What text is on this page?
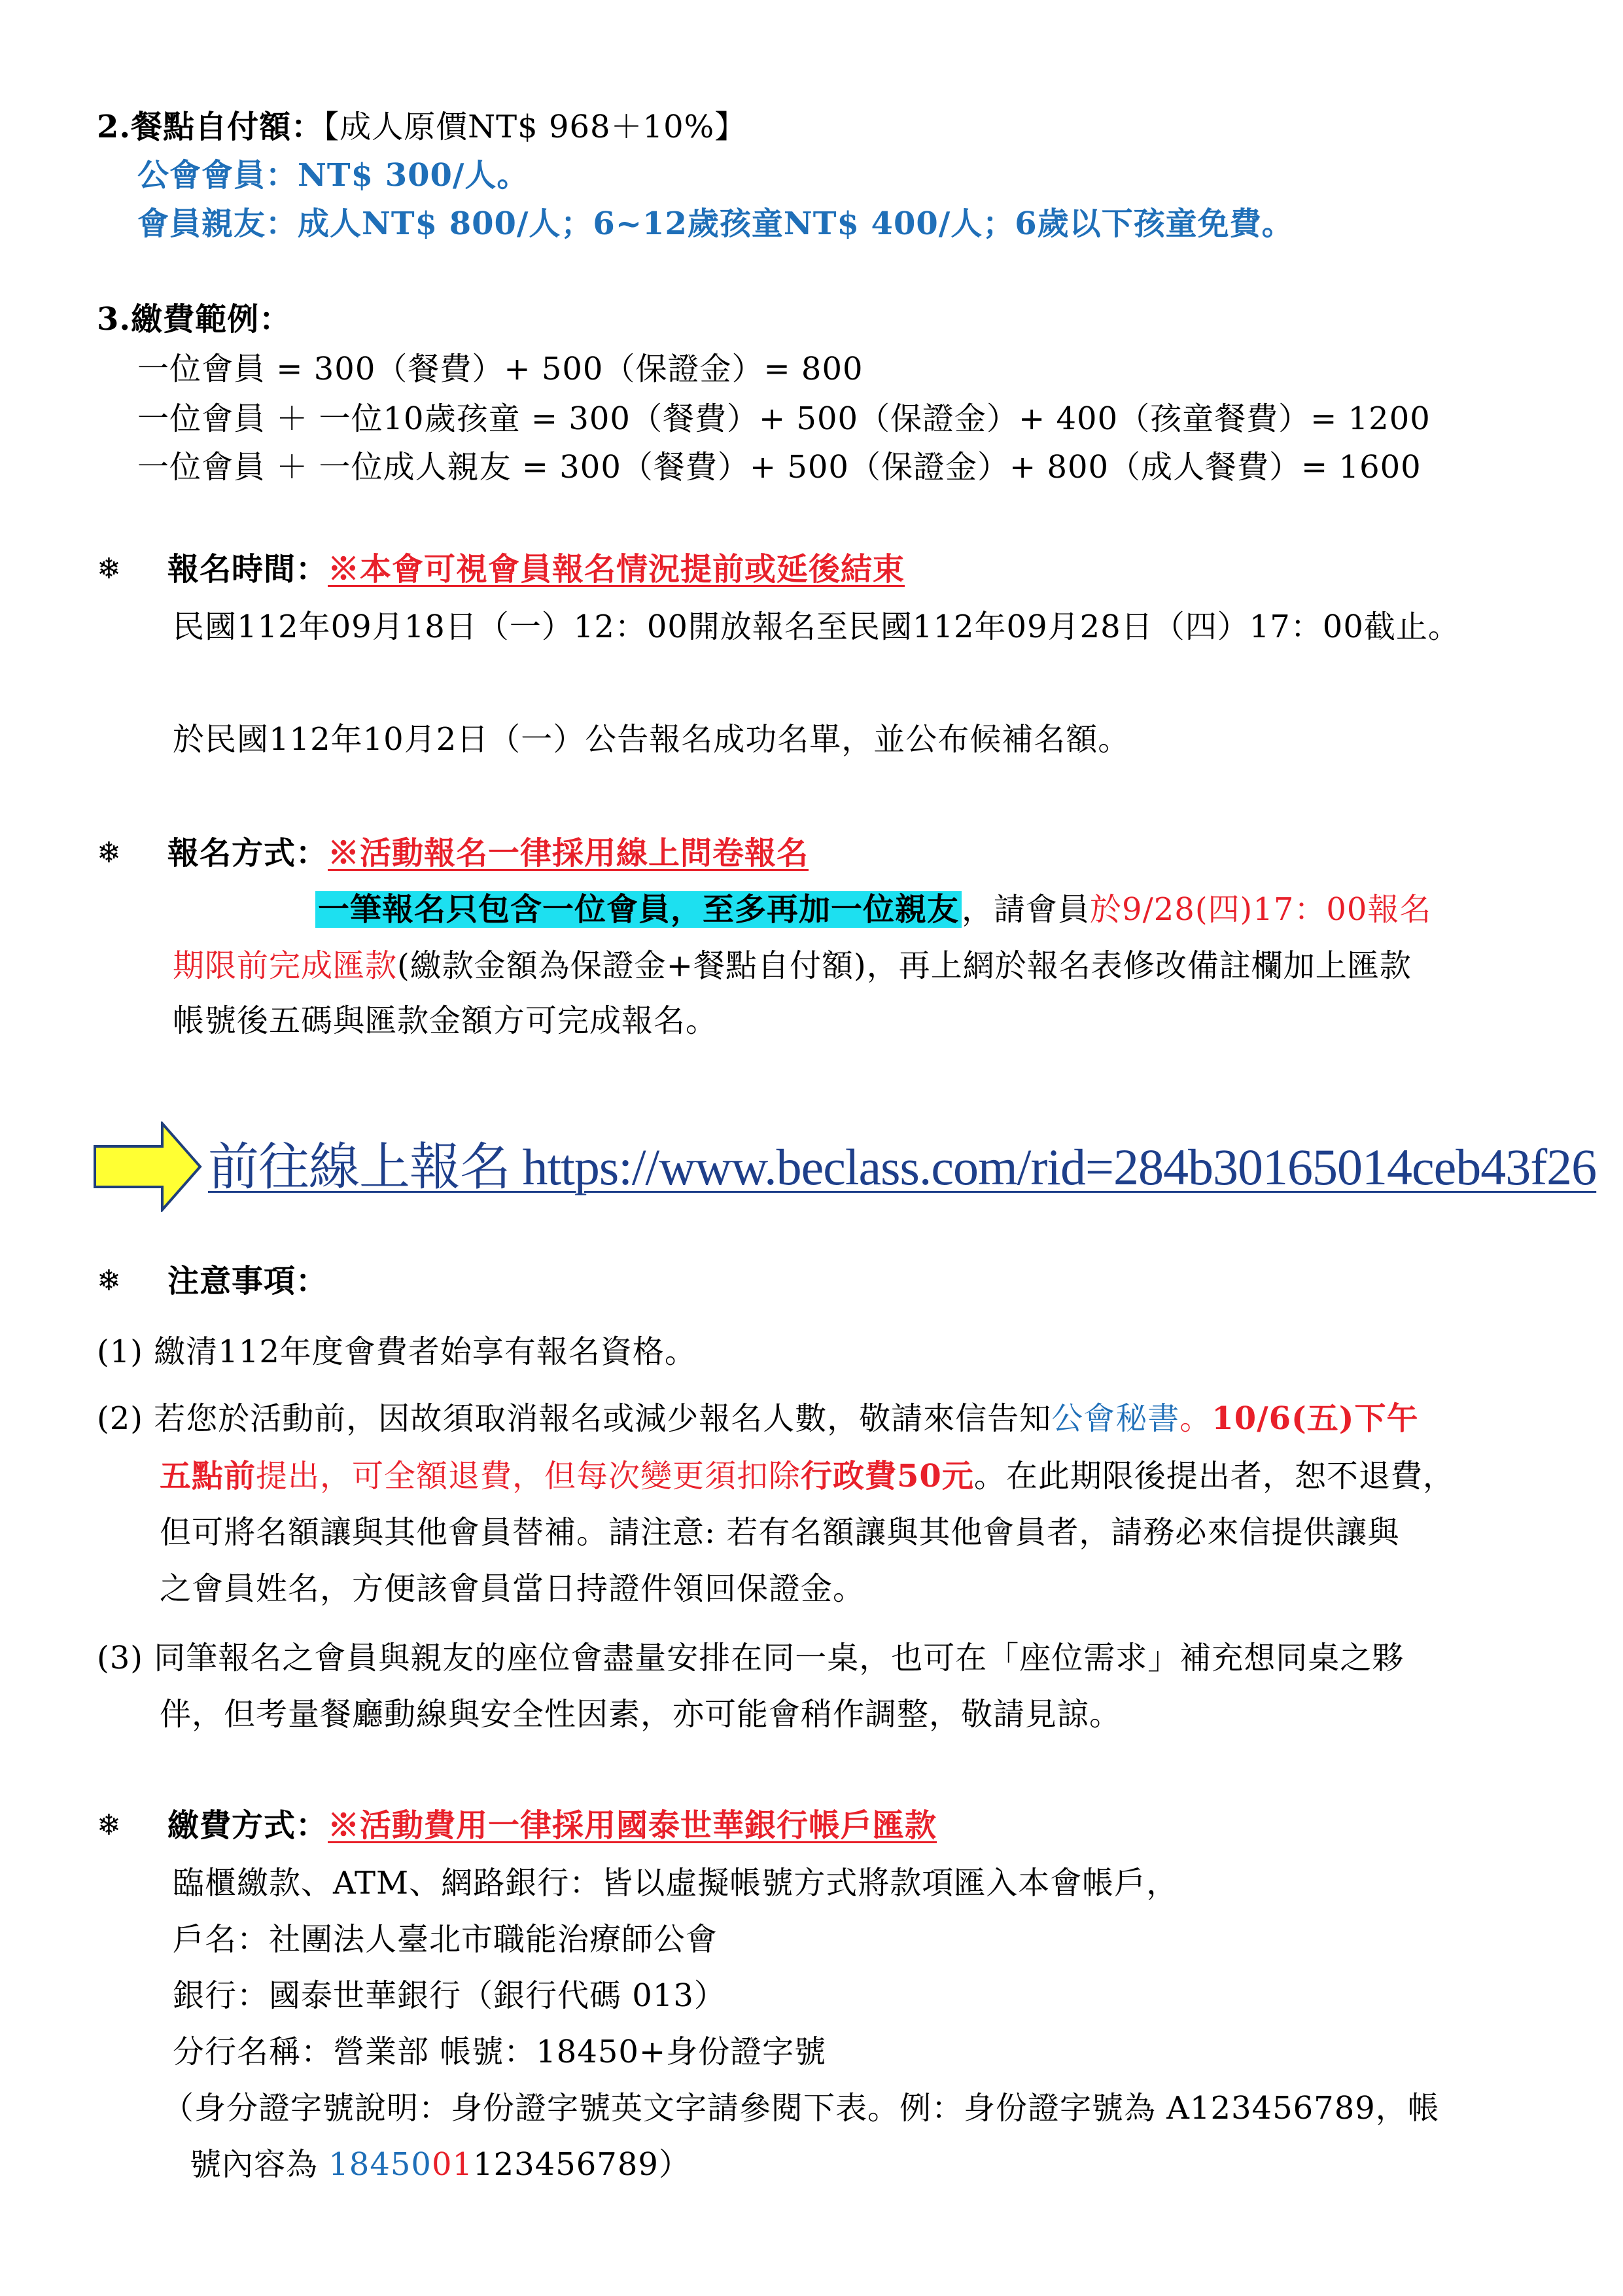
2.餐點自付額：【成人原價NT$ 968＋10%】
公會會員：NT$ 300/人。
會員親友：成人NT$ 800/人；6~12歲孩童NT$ 400/人；6歲以下孩童免費。
3.繳費範例：
一位會員 = 300（餐費）+ 500（保證金）= 800
一位會員 ＋ 一位10歲孩童 = 300（餐費）+ 500（保證金）+ 400（孩童餐費）= 1200
一位會員 ＋ 一位成人親友 = 300（餐費）+ 500（保證金）+ 800（成人餐費）= 1600
❄ 報名時間：※本會可視會員報名情況提前或延後結束
民國112年09月18日（一）12：00開放報名至民國112年09月28日（四）17：00截止。
於民國112年10月2日（一）公告報名成功名單，並公布候補名額。
❄ 報名方式：※活動報名一律採用線上問卷報名
一筆報名只包含一位會員，至多再加一位親友，請會員於9/28(四)17：00報名
期限前完成匯款(繳款金額為保證金+餐點自付額)，再上網於報名表修改備註欄加上匯款
帳號後五碼與匯款金額方可完成報名。
前往線上報名 https://www.beclass.com/rid=284b30165014ceb43f26
❄ 注意事項：
(1) 繳清112年度會費者始享有報名資格。
(2) 若您於活動前，因故須取消報名或減少報名人數，敬請來信告知公會秘書。10/6(五)下午
五點前提出，可全額退費，但每次變更須扣除行政費50元。在此期限後提出者，恕不退費，
但可將名額讓與其他會員替補。請注意: 若有名額讓與其他會員者，請務必來信提供讓與
之會員姓名，方便該會員當日持證件領回保證金。
(3) 同筆報名之會員與親友的座位會盡量安排在同一桌，也可在「座位需求」補充想同桌之夥
伴，但考量餐廳動線與安全性因素，亦可能會稍作調整，敬請見諒。
❄ 繳費方式：※活動費用一律採用國泰世華銀行帳戶匯款
臨櫃繳款、ATM、網路銀行：皆以虛擬帳號方式將款項匯入本會帳戶，
戶名：社團法人臺北市職能治療師公會
銀行：國泰世華銀行（銀行代碼 013）
分行名稱：營業部 帳號：18450+身份證字號
（身分證字號說明：身份證字號英文字請參閱下表。例：身份證字號為 A123456789，帳
號內容為 1845001123456789）
